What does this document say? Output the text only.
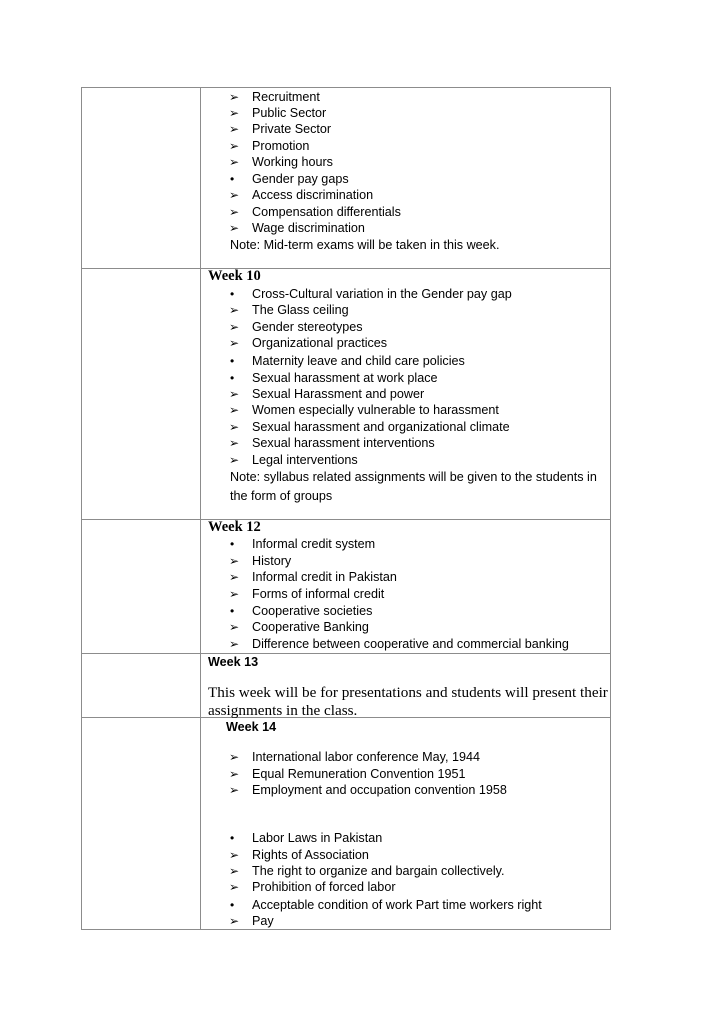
➢ Recruitment
➢ Public Sector
➢ Private Sector
➢ Promotion
➢ Working hours
• Gender pay gaps
➢ Access discrimination
➢ Compensation differentials
➢ Wage discrimination
Note: Mid-term exams will be taken in this week.
Week 10
• Cross-Cultural variation in the Gender pay gap
➢ The Glass ceiling
➢ Gender stereotypes
➢ Organizational practices
• Maternity leave and child care policies
• Sexual harassment at work place
➢ Sexual Harassment and power
➢ Women especially vulnerable to harassment
➢ Sexual harassment and organizational climate
➢ Sexual harassment interventions
➢ Legal interventions
Note: syllabus related assignments will be given to the students in
the form of groups
Week 12
• Informal credit system
➢ History
➢ Informal credit in Pakistan
➢ Forms of informal credit
• Cooperative societies
➢ Cooperative Banking
➢ Difference between cooperative and commercial banking
Week 13
This week will be for presentations and students will present their
assignments in the class.
Week 14
➢ International labor conference May, 1944
➢ Equal Remuneration Convention 1951
➢ Employment and occupation convention 1958
• Labor Laws in Pakistan
➢ Rights of Association
➢ The right to organize and bargain collectively.
➢ Prohibition of forced labor
• Acceptable condition of work Part time workers right
➢ Pay
